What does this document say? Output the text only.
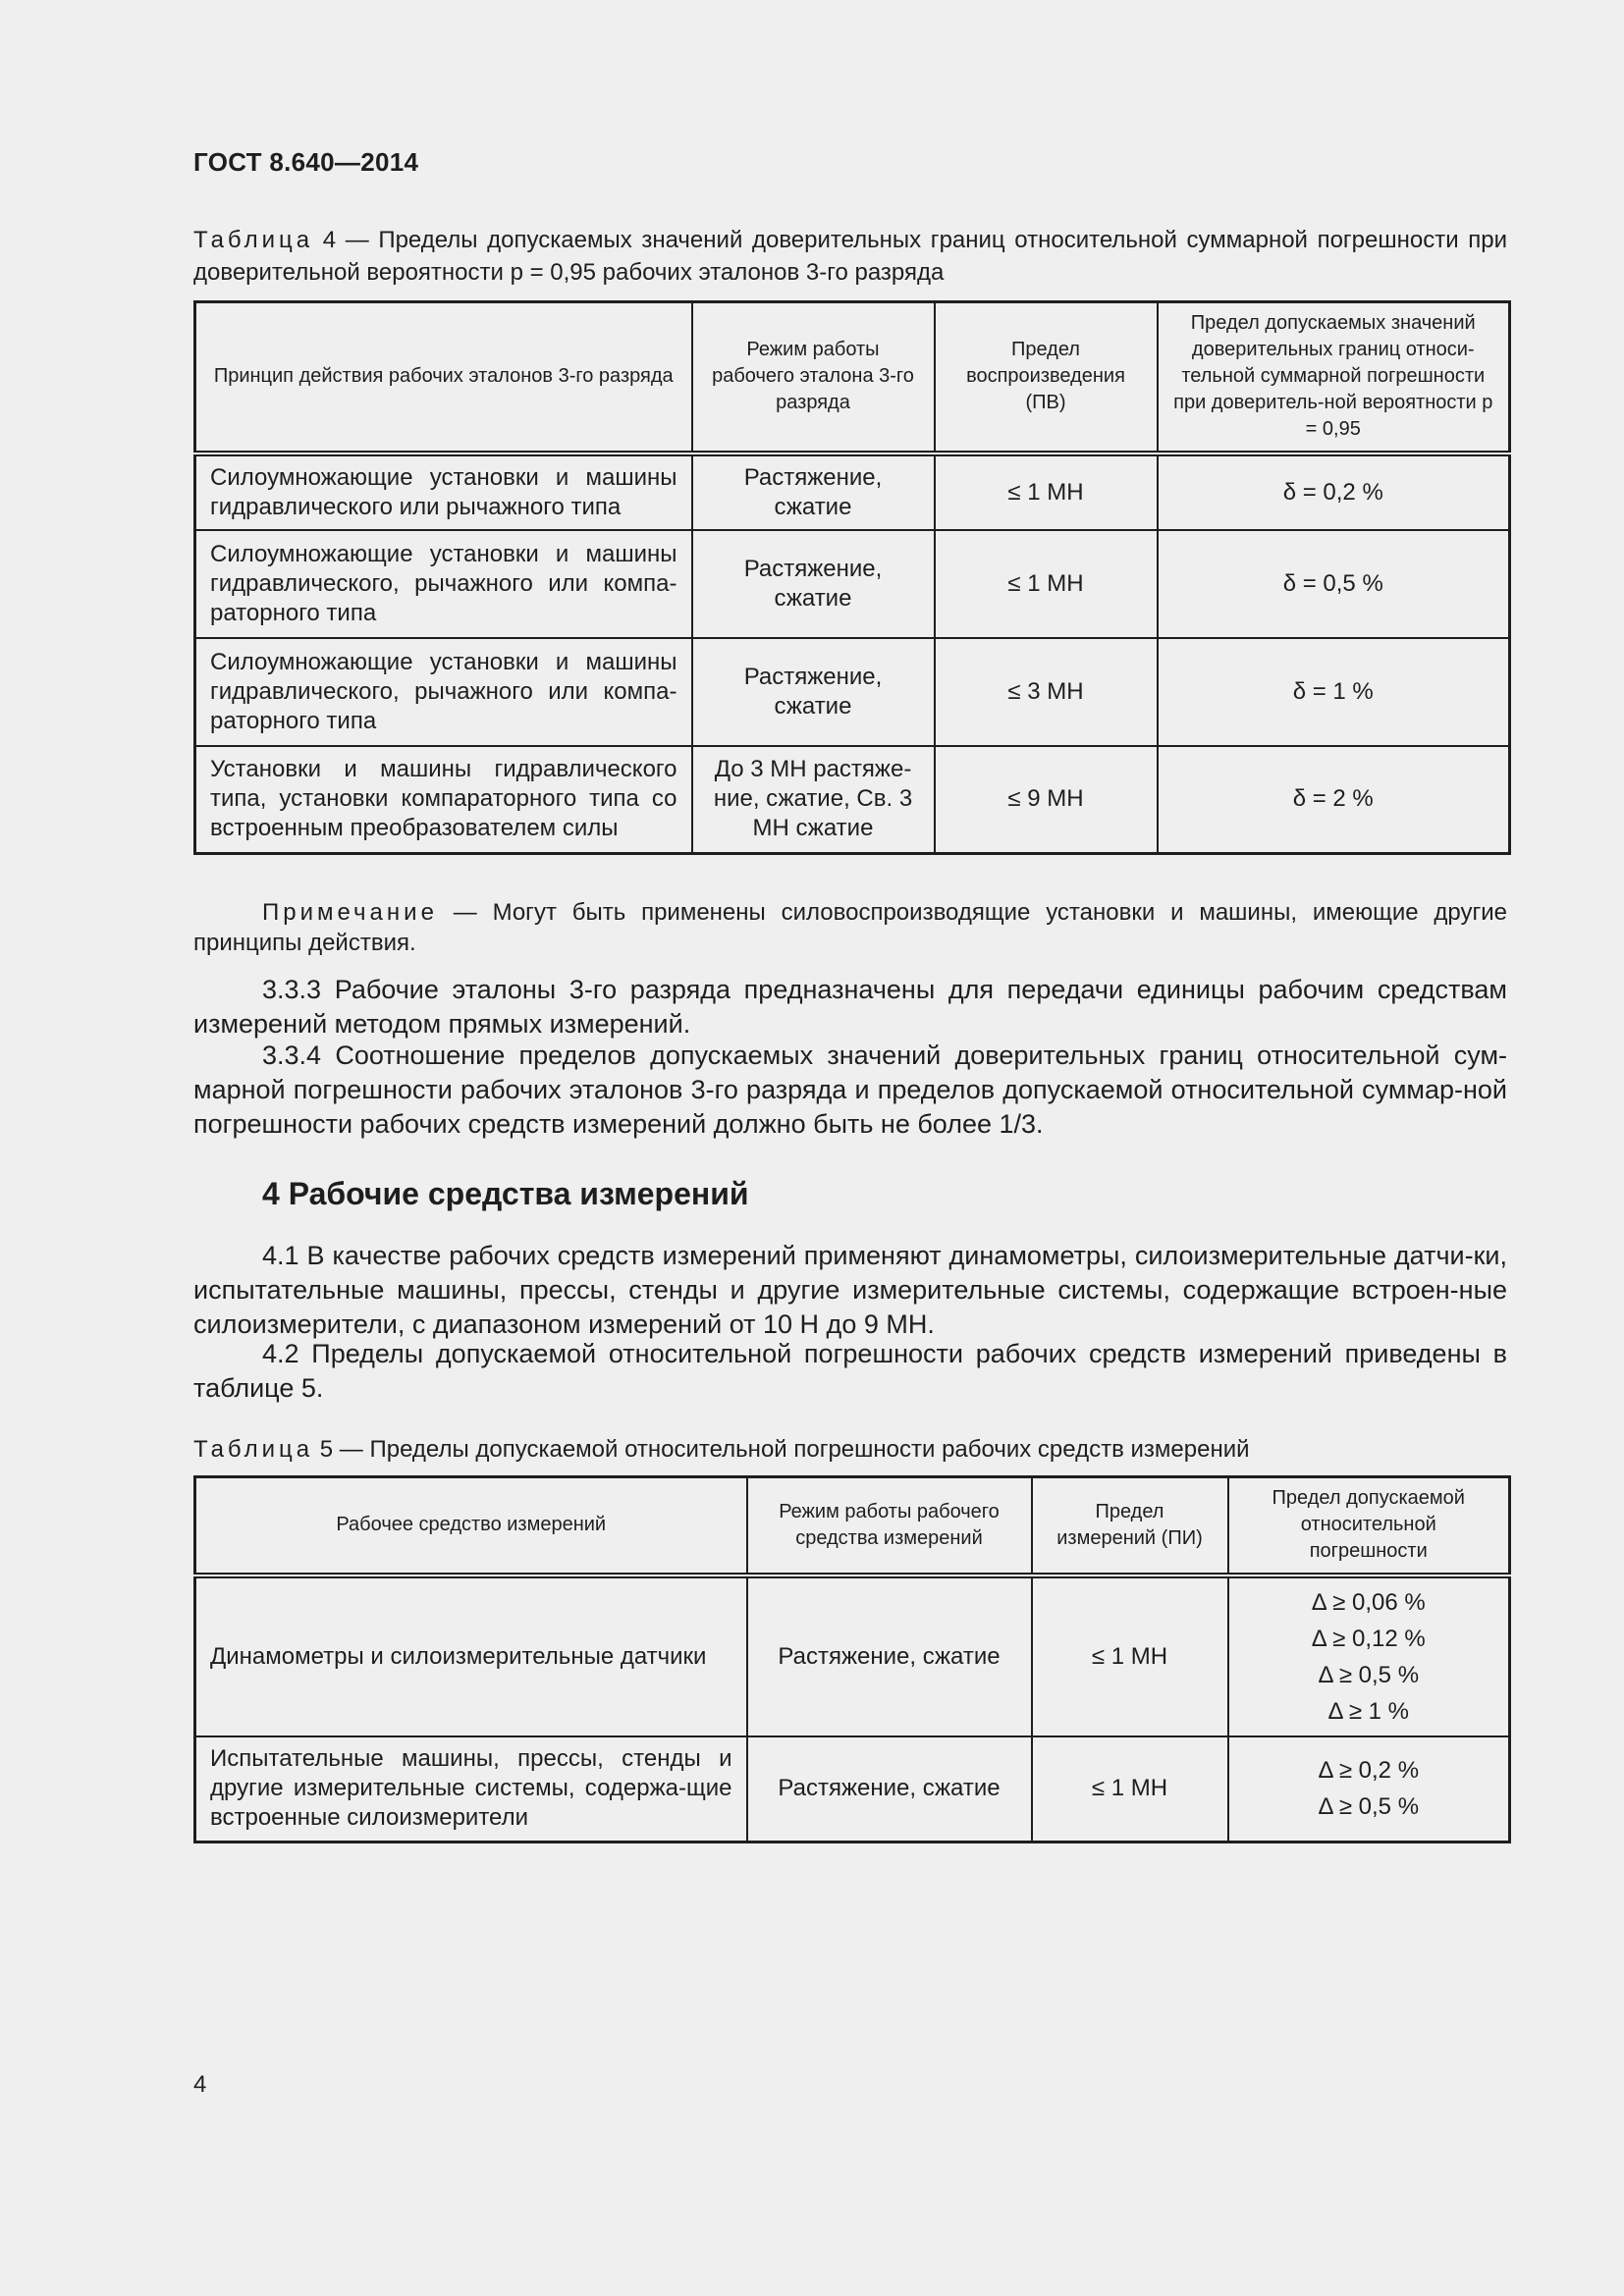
ГОСТ 8.640—2014
Таблица 4 — Пределы допускаемых значений доверительных границ относительной суммарной погрешности при доверительной вероятности р = 0,95 рабочих эталонов 3-го разряда
Принцип действия рабочих эталонов 3-го разряда	Режим работы рабочего эталона 3-го разряда	Предел воспроизведения (ПВ)	Предел допускаемых значений доверительных границ относи-тельной суммарной погрешности при доверитель-ной вероятности р = 0,95
Силоумножающие установки и машины гидравлического или рычажного типа	Растяжение, сжатие	≤ 1 МН	δ = 0,2 %
Силоумножающие установки и машины гидравлического, рычажного или компа-раторного типа	Растяжение, сжатие	≤ 1 МН	δ = 0,5 %
Силоумножающие установки и машины гидравлического, рычажного или компа-раторного типа	Растяжение, сжатие	≤ 3 МН	δ = 1 %
Установки и машины гидравлического типа, установки компараторного типа со встроенным преобразователем силы	До 3 МН растяже-ние, сжатие, Св. 3 МН сжатие	≤ 9 МН	δ = 2 %
Примечание — Могут быть применены силовоспроизводящие установки и машины, имеющие другие принципы действия.
3.3.3 Рабочие эталоны 3-го разряда предназначены для передачи единицы рабочим средствам измерений методом прямых измерений.
3.3.4 Соотношение пределов допускаемых значений доверительных границ относительной сум-марной погрешности рабочих эталонов 3-го разряда и пределов допускаемой относительной суммар-ной погрешности рабочих средств измерений должно быть не более 1/3.
4 Рабочие средства измерений
4.1 В качестве рабочих средств измерений применяют динамометры, силоизмерительные датчи-ки, испытательные машины, прессы, стенды и другие измерительные системы, содержащие встроен-ные силоизмерители, с диапазоном измерений от 10 Н до 9 МН.
4.2 Пределы допускаемой относительной погрешности рабочих средств измерений приведены в таблице 5.
Таблица 5 — Пределы допускаемой относительной погрешности рабочих средств измерений
Рабочее средство измерений	Режим работы рабочего средства измерений	Предел измерений (ПИ)	Предел допускаемой относительной погрешности
Динамометры и силоизмерительные датчики	Растяжение, сжатие	≤ 1 МН	Δ ≥ 0,06 %
Δ ≥ 0,12 %
Δ ≥ 0,5 %
Δ ≥ 1 %

Испытательные машины, прессы, стенды и другие измерительные системы, содержа-щие встроенные силоизмерители	Растяжение, сжатие	≤ 1 МН	Δ ≥ 0,2 %
Δ ≥ 0,5 %
4
